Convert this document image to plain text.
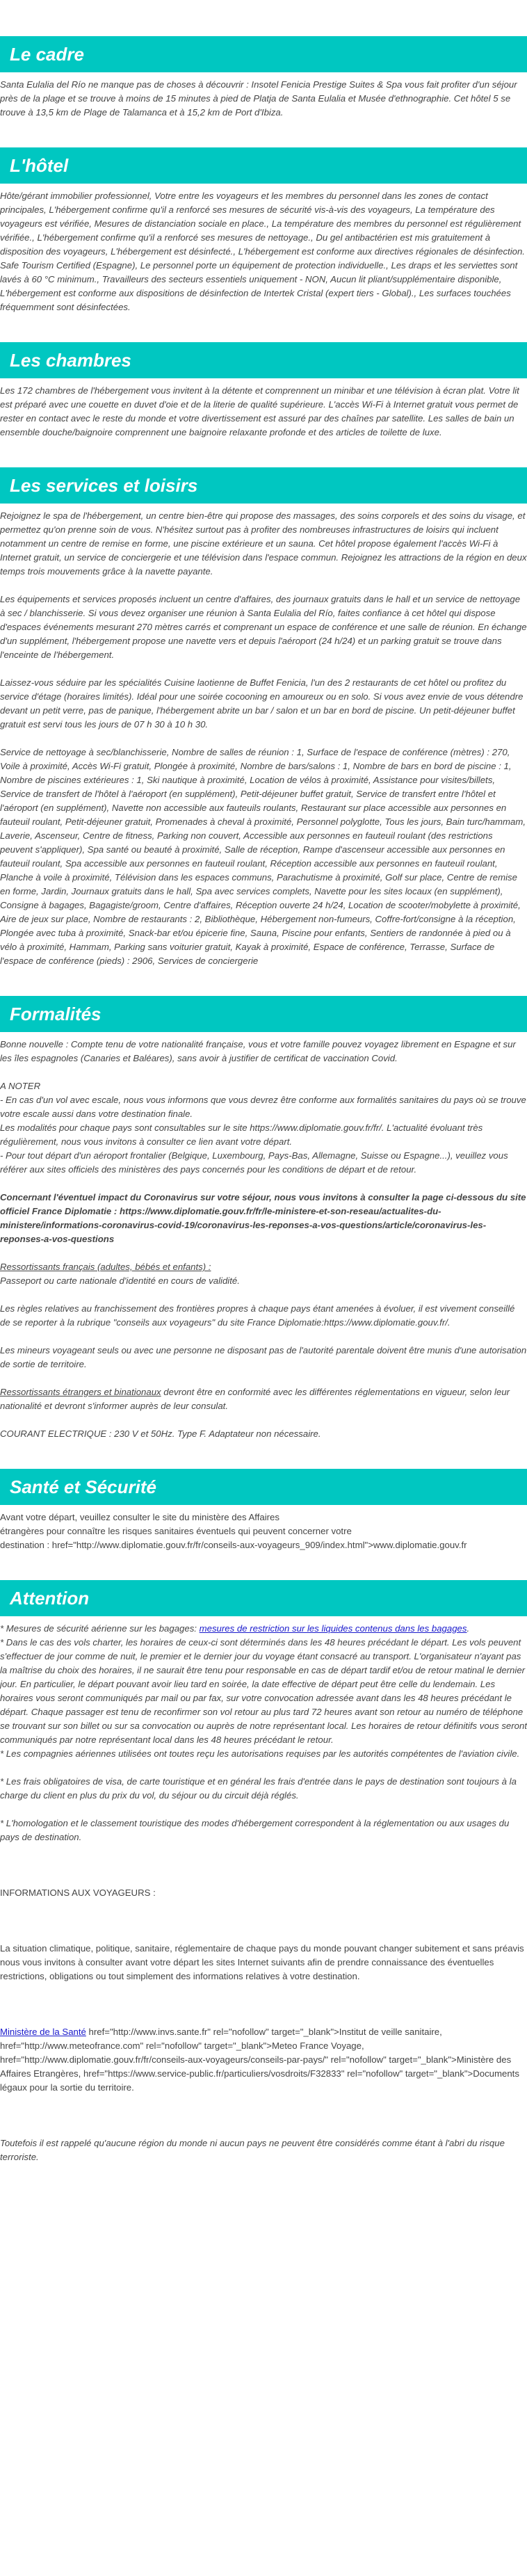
Le cadre

Santa Eulalia del Río ne manque pas de choses à découvrir : Insotel Fenicia Prestige Suites & Spa vous fait profiter d'un séjour près de la plage et se trouve à moins de 15 minutes à pied de Platja de Santa Eulalia et Musée d'ethnographie. Cet hôtel 5 se trouve à 13,5 km de Plage de Talamanca et à 15,2 km de Port d'Ibiza.

L'hôtel

Hôte/gérant immobilier professionnel, Votre entre les voyageurs et les membres du personnel dans les zones de contact principales, L'hébergement confirme qu'il a renforcé ses mesures de sécurité vis-à-vis des voyageurs, La température des voyageurs est vérifiée, Mesures de distanciation sociale en place., La température des membres du personnel est régulièrement vérifiée., L'hébergement confirme qu'il a renforcé ses mesures de nettoyage., Du gel antibactérien est mis gratuitement à disposition des voyageurs, L'hébergement est désinfecté., L'hébergement est conforme aux directives régionales de désinfection. Safe Tourism Certified (Espagne), Le personnel porte un équipement de protection individuelle., Les draps et les serviettes sont lavés à 60 °C minimum., Travailleurs des secteurs essentiels uniquement - NON, Aucun lit pliant/supplémentaire disponible, L'hébergement est conforme aux dispositions de désinfection de Intertek Cristal (expert tiers - Global)., Les surfaces touchées fréquemment sont désinfectées.

Les chambres

Les 172 chambres de l'hébergement vous invitent à la détente et comprennent un minibar et une télévision à écran plat. Votre lit est préparé avec une couette en duvet d'oie et de la literie de qualité supérieure. L'accès Wi-Fi à Internet gratuit vous permet de rester en contact avec le reste du monde et votre divertissement est assuré par des chaînes par satellite. Les salles de bain un ensemble douche/baignoire comprennent une baignoire relaxante profonde et des articles de toilette de luxe.

Les services et loisirs

Rejoignez le spa de l'hébergement, un centre bien-être qui propose des massages, des soins corporels et des soins du visage, et permettez qu'on prenne soin de vous. N'hésitez surtout pas à profiter des nombreuses infrastructures de loisirs qui incluent notamment un centre de remise en forme, une piscine extérieure et un sauna. Cet hôtel propose également l'accès Wi-Fi à Internet gratuit, un service de conciergerie et une télévision dans l'espace commun. Rejoignez les attractions de la région en deux temps trois mouvements grâce à la navette payante.

Les équipements et services proposés incluent un centre d'affaires, des journaux gratuits dans le hall et un service de nettoyage à sec / blanchisserie. Si vous devez organiser une réunion à Santa Eulalia del Río, faites confiance à cet hôtel qui dispose d'espaces événements mesurant 270 mètres carrés et comprenant un espace de conférence et une salle de réunion. En échange d'un supplément, l'hébergement propose une navette vers et depuis l'aéroport (24 h/24) et un parking gratuit se trouve dans l'enceinte de l'hébergement.

Laissez-vous séduire par les spécialités Cuisine laotienne de Buffet Fenicia, l'un des 2 restaurants de cet hôtel ou profitez du service d'étage (horaires limités). Idéal pour une soirée cocooning en amoureux ou en solo. Si vous avez envie de vous détendre devant un petit verre, pas de panique, l'hébergement abrite un bar / salon et un bar en bord de piscine. Un petit-déjeuner buffet gratuit est servi tous les jours de 07 h 30 à 10 h 30.

Service de nettoyage à sec/blanchisserie, Nombre de salles de réunion : 1, Surface de l'espace de conférence (mètres) : 270, Voile à proximité, Accès Wi-Fi gratuit, Plongée à proximité, Nombre de bars/salons : 1, Nombre de bars en bord de piscine : 1, Nombre de piscines extérieures : 1, Ski nautique à proximité, Location de vélos à proximité, Assistance pour visites/billets, Service de transfert de l'hôtel à l'aéroport (en supplément), Petit-déjeuner buffet gratuit, Service de transfert entre l'hôtel et l'aéroport (en supplément), Navette non accessible aux fauteuils roulants, Restaurant sur place accessible aux personnes en fauteuil roulant, Petit-déjeuner gratuit, Promenades à cheval à proximité, Personnel polyglotte, Tous les jours, Bain turc/hammam, Laverie, Ascenseur, Centre de fitness, Parking non couvert, Accessible aux personnes en fauteuil roulant (des restrictions peuvent s'appliquer), Spa santé ou beauté à proximité, Salle de réception, Rampe d'ascenseur accessible aux personnes en fauteuil roulant, Spa accessible aux personnes en fauteuil roulant, Réception accessible aux personnes en fauteuil roulant, Planche à voile à proximité, Télévision dans les espaces communs, Parachutisme à proximité, Golf sur place, Centre de remise en forme, Jardin, Journaux gratuits dans le hall, Spa avec services complets, Navette pour les sites locaux (en supplément), Consigne à bagages, Bagagiste/groom, Centre d'affaires, Réception ouverte 24 h/24, Location de scooter/mobylette à proximité, Aire de jeux sur place, Nombre de restaurants : 2, Bibliothèque, Hébergement non-fumeurs, Coffre-fort/consigne à la réception, Plongée avec tuba à proximité, Snack-bar et/ou épicerie fine, Sauna, Piscine pour enfants, Sentiers de randonnée à pied ou à vélo à proximité, Hammam, Parking sans voiturier gratuit, Kayak à proximité, Espace de conférence, Terrasse, Surface de l'espace de conférence (pieds) : 2906, Services de conciergerie

Formalités

Bonne nouvelle : Compte tenu de votre nationalité française, vous et votre famille pouvez voyagez librement en Espagne et sur les îles espagnoles (Canaries et Baléares), sans avoir à justifier de certificat de vaccination Covid.

A NOTER
- En cas d'un vol avec escale, nous vous informons que vous devrez être conforme aux formalités sanitaires du pays où se trouve votre escale aussi dans votre destination finale.
Les modalités pour chaque pays sont consultables sur le site https://www.diplomatie.gouv.fr/fr/. L'actualité évoluant très régulièrement, nous vous invitons à consulter ce lien avant votre départ.
- Pour tout départ d'un aéroport frontalier (Belgique, Luxembourg, Pays-Bas, Allemagne, Suisse ou Espagne...), veuillez vous référer aux sites officiels des ministères des pays concernés pour les conditions de départ et de retour.

Concernant l'éventuel impact du Coronavirus sur votre séjour, nous vous invitons à consulter la page ci-dessous du site officiel France Diplomatie : https://www.diplomatie.gouv.fr/fr/le-ministere-et-son-reseau/actualites-du-ministere/informations-coronavirus-covid-19/coronavirus-les-reponses-a-vos-questions/article/coronavirus-les-reponses-a-vos-questions

Ressortissants français (adultes, bébés et enfants) :
Passeport ou carte nationale d'identité en cours de validité.

Les règles relatives au franchissement des frontières propres à chaque pays étant amenées à évoluer, il est vivement conseillé de se reporter à la rubrique "conseils aux voyageurs" du site France Diplomatie:https://www.diplomatie.gouv.fr/.

Les mineurs voyageant seuls ou avec une personne ne disposant pas de l'autorité parentale doivent être munis d'une autorisation de sortie de territoire.

Ressortissants étrangers et binationaux devront être en conformité avec les différentes réglementations en vigueur, selon leur nationalité et devront s'informer auprès de leur consulat.

COURANT ELECTRIQUE : 230 V et 50Hz. Type F. Adaptateur non nécessaire.

Santé et Sécurité

Avant votre départ, veuillez consulter le site du ministère des Affaires
étrangères pour connaître les risques sanitaires éventuels qui peuvent concerner votre
destination : href="http://www.diplomatie.gouv.fr/fr/conseils-aux-voyageurs_909/index.html">www.diplomatie.gouv.fr

Attention

* Mesures de sécurité aérienne sur les bagages: mesures de restriction sur les liquides contenus dans les bagages.
* Dans le cas des vols charter, les horaires de ceux-ci sont déterminés dans les 48 heures précédant le départ. Les vols peuvent s'effectuer de jour comme de nuit, le premier et le dernier jour du voyage étant consacré au transport. L'organisateur n'ayant pas la maîtrise du choix des horaires, il ne saurait être tenu pour responsable en cas de départ tardif et/ou de retour matinal le dernier jour. En particulier, le départ pouvant avoir lieu tard en soirée, la date effective de départ peut être celle du lendemain. Les horaires vous seront communiqués par mail ou par fax, sur votre convocation adressée avant dans les 48 heures précédant le départ. Chaque passager est tenu de reconfirmer son vol retour au plus tard 72 heures avant son retour au numéro de téléphone se trouvant sur son billet ou sur sa convocation ou auprès de notre représentant local. Les horaires de retour définitifs vous seront communiqués par notre représentant local dans les 48 heures précédant le retour.
* Les compagnies aériennes utilisées ont toutes reçu les autorisations requises par les autorités compétentes de l'aviation civile.

* Les frais obligatoires de visa, de carte touristique et en général les frais d'entrée dans le pays de destination sont toujours à la charge du client en plus du prix du vol, du séjour ou du circuit déjà réglés.

* L'homologation et le classement touristique des modes d'hébergement correspondent à la réglementation ou aux usages du pays de destination.

INFORMATIONS AUX VOYAGEURS :

La situation climatique, politique, sanitaire, réglementaire de chaque pays du monde pouvant changer subitement et sans préavis
nous vous invitons à consulter avant votre départ les sites Internet suivants afin de prendre connaissance des éventuelles restrictions, obligations ou tout simplement des informations relatives à votre destination.

Ministère de la Santé href="http://www.invs.sante.fr" rel="nofollow" target="_blank">Institut de veille sanitaire, href="http://www.meteofrance.com" rel="nofollow" target="_blank">Meteo France Voyage, href="http://www.diplomatie.gouv.fr/fr/conseils-aux-voyageurs/conseils-par-pays/" rel="nofollow" target="_blank">Ministère des Affaires Etrangères, href="https://www.service-public.fr/particuliers/vosdroits/F32833" rel="nofollow" target="_blank">Documents légaux pour la sortie du territoire.

Toutefois il est rappelé qu'aucune région du monde ni aucun pays ne peuvent être considérés comme étant à l'abri du risque terroriste.
